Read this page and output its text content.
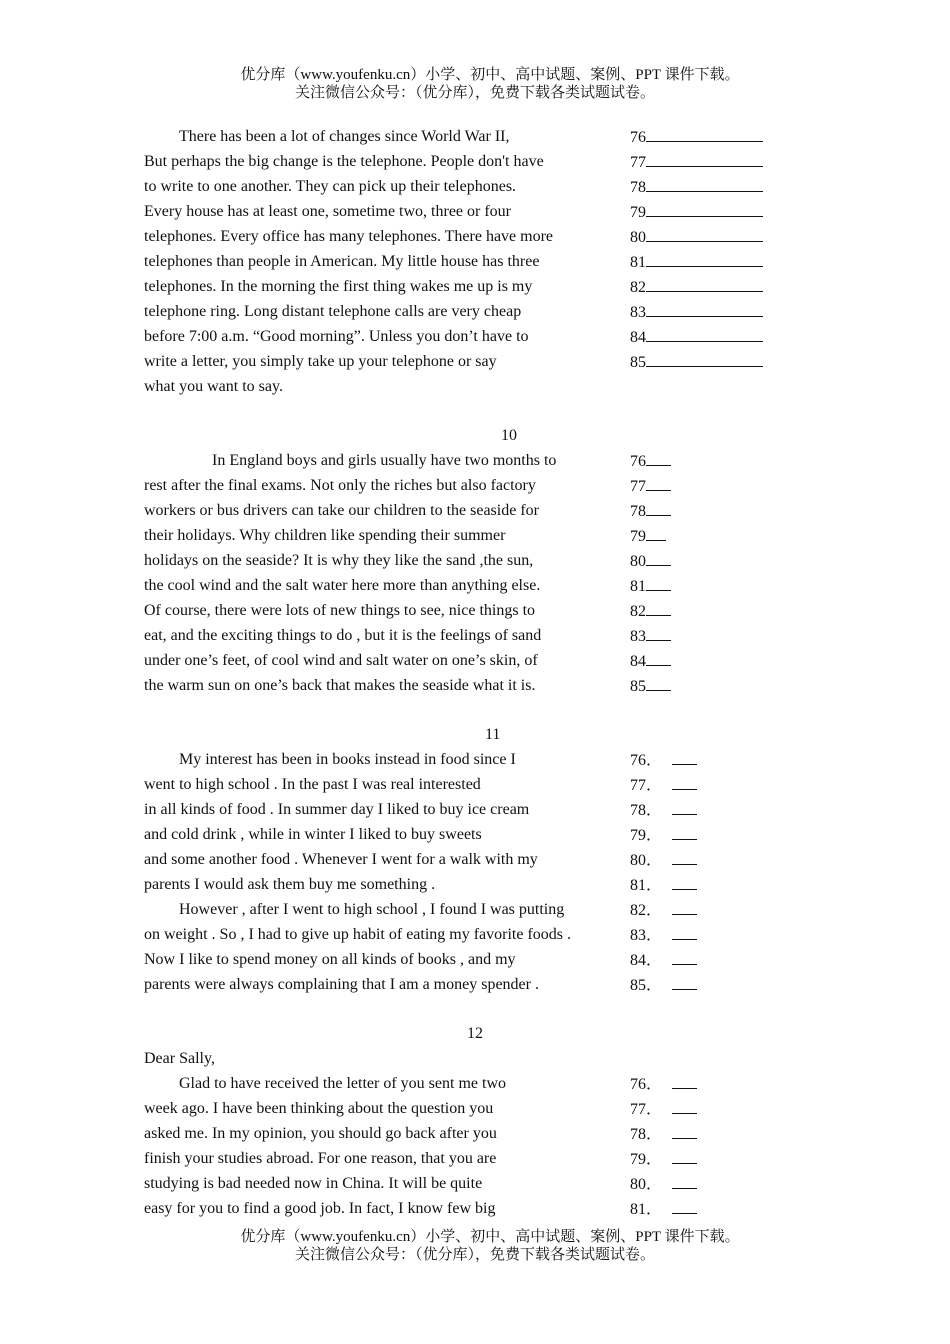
优分库（www.youfenku.cn）小学、初中、高中试题、案例、PPT 课件下载。
关注微信公众号：（优分库），免费下载各类试题试卷。
There has been a lot of changes since World War II,
But perhaps the big change is the telephone. People don't have
to write to one another. They can pick up their telephones.
Every house has at least one, sometime two, three or four
telephones. Every office has many telephones. There have more
telephones than people in American. My little house has three
telephones. In the morning the first thing wakes me up is my
telephone ring. Long distant telephone calls are very cheap
before 7:00 a.m. “Good morning”. Unless you don’t have to
write a letter, you simply take up your telephone or say
what you want to say.
76
77
78
79
80
81
82
83
84
85
10
In England boys and girls usually have two months to
rest after the final exams. Not only the riches but also factory
workers or bus drivers can take our children to the seaside for
their holidays. Why children like spending their summer
holidays on the seaside? It is why they like the sand ,the sun,
the cool wind and the salt water here more than anything else.
Of course, there were lots of new things to see, nice things to
eat, and the exciting things to do , but it is the feelings of sand
under one’s feet, of cool wind and salt water on one’s skin, of
the warm sun on one’s back that makes the seaside what it is.
76
77
78
79
80
81
82
83
84
85
11
My interest has been in books instead in food since I
went to high school . In the past I was real interested
in all kinds of food . In summer day I liked to buy ice cream
and cold drink , while in winter I liked to buy sweets
and some another food . Whenever I went for a walk with my
parents I would ask them buy me something .
However , after I went to high school , I found I was putting
on weight . So , I had to give up habit of eating my favorite foods .
Now I like to spend money on all kinds of books , and my
parents were always complaining that I am a money spender .
76．
77．
78．
79．
80．
81．
82．
83．
84．
85．
12
Dear Sally,
Glad to have received the letter of you sent me two
week ago. I have been thinking about the question you
asked me. In my opinion, you should go back after you
finish your studies abroad. For one reason, that you are
studying is bad needed now in China. It will be quite
easy for you to find a good job. In fact, I know few big
76．
77．
78．
79．
80．
81．
优分库（www.youfenku.cn）小学、初中、高中试题、案例、PPT 课件下载。
关注微信公众号：（优分库），免费下载各类试题试卷。
